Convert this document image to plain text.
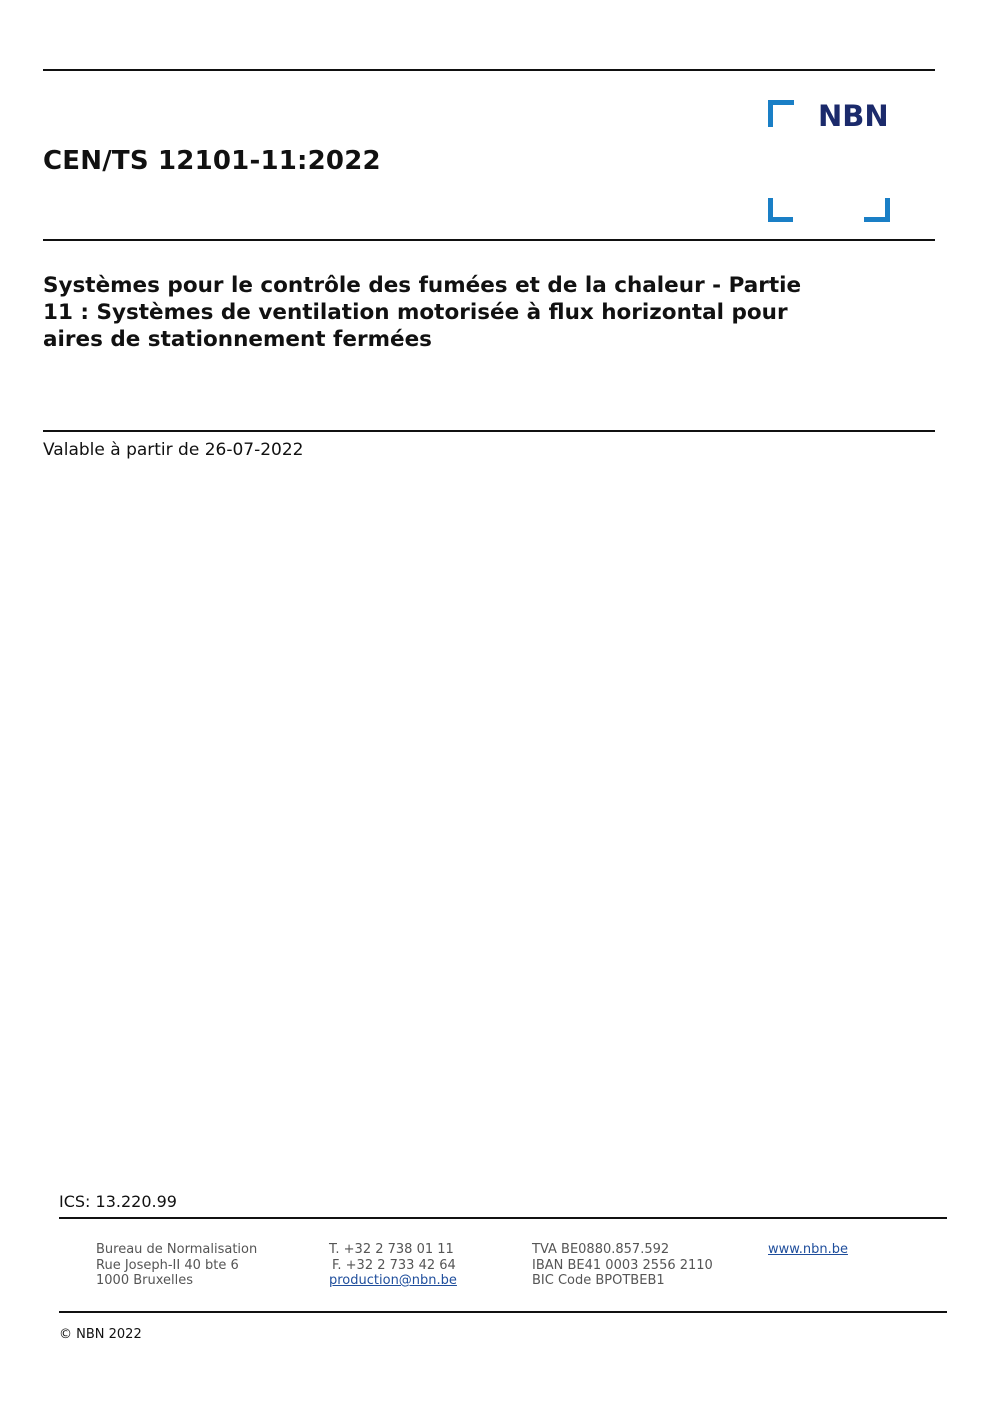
CEN/TS 12101-11:2022
NBN
Systèmes pour le contrôle des fumées et de la chaleur - Partie
11 : Systèmes de ventilation motorisée à flux horizontal pour
aires de stationnement fermées
Valable à partir de 26-07-2022
ICS: 13.220.99
Bureau de Normalisation
Rue Joseph-II 40 bte 6
1000 Bruxelles
T. +32 2 738 01 11
F. +32 2 733 42 64
production@nbn.be
TVA BE0880.857.592
IBAN BE41 0003 2556 2110
BIC Code BPOTBEB1
www.nbn.be
© NBN 2022
